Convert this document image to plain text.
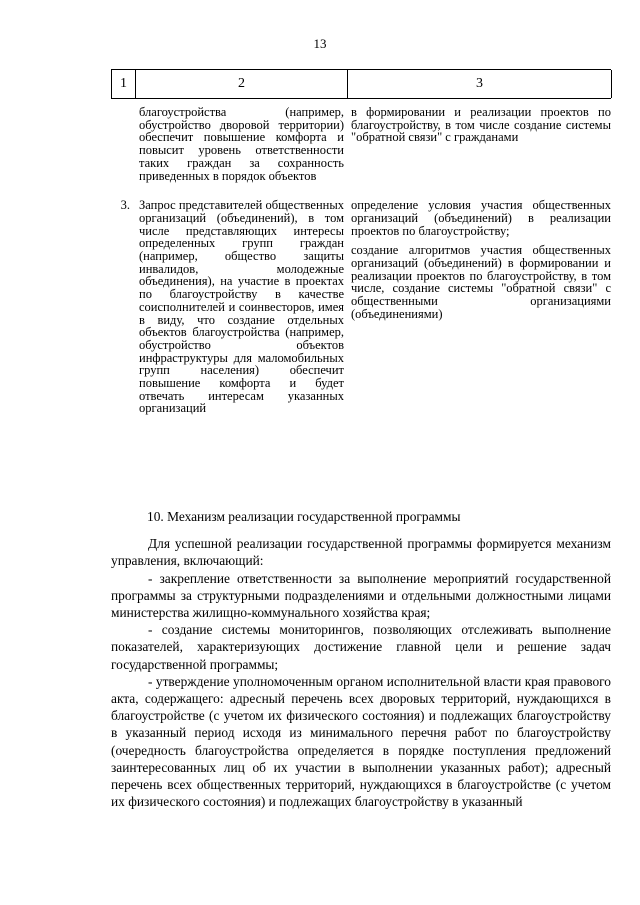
13
1	2	3
благоустройства (например, обустройство дворовой территории) обеспечит повышение комфорта и повысит уровень ответственности таких граждан за сохранность приведенных в порядок объектов

в формировании и реализации проектов по благоустройству, в том числе создание системы "обратной связи" с гражданами

3. Запрос представителей общественных организаций (объединений), в том числе представляющих интересы определенных групп граждан (например, общество защиты инвалидов, молодежные объединения), на участие в проектах по благоустройству в качестве соисполнителей и соинвесторов, имея в виду, что создание отдельных объектов благоустройства (например, обустройство объектов инфраструктуры для маломобильных групп населения) обеспечит повышение комфорта и будет отвечать интересам указанных организаций

определение условия участия общественных организаций (объединений) в реализации проектов по благоустройству;

создание алгоритмов участия общественных организаций (объединений) в формировании и реализации проектов по благоустройству, в том числе, создание системы "обратной связи" с общественными организациями (объединениями)

10. Механизм реализации государственной программы

Для успешной реализации государственной программы формируется механизм управления, включающий:

- закрепление ответственности за выполнение мероприятий государственной программы за структурными подразделениями и отдельными должностными лицами министерства жилищно-коммунального хозяйства края;

- создание системы мониторингов, позволяющих отслеживать выполнение показателей, характеризующих достижение главной цели и решение задач государственной программы;

- утверждение уполномоченным органом исполнительной власти края правового акта, содержащего: адресный перечень всех дворовых территорий, нуждающихся в благоустройстве (с учетом их физического состояния) и подлежащих благоустройству в указанный период исходя из минимального перечня работ по благоустройству (очередность благоустройства определяется в порядке поступления предложений заинтересованных лиц об их участии в выполнении указанных работ); адресный перечень всех общественных территорий, нуждающихся в благоустройстве (с учетом их физического состояния) и подлежащих благоустройству в указанный
